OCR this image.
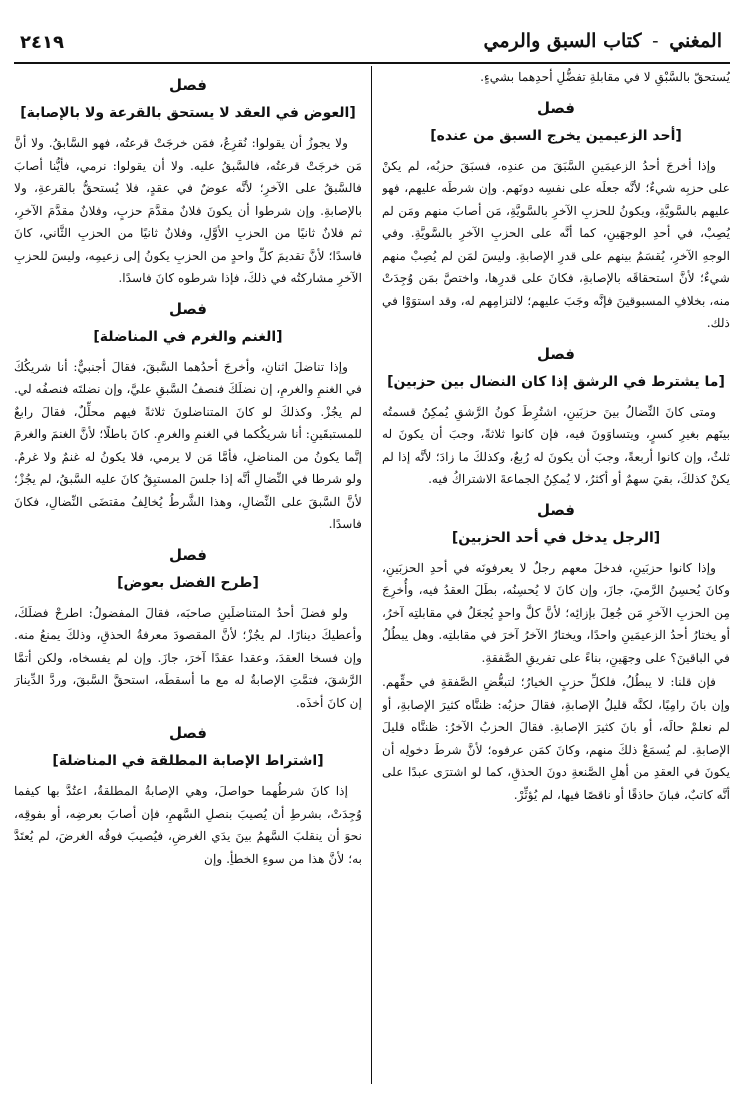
المغني - كتاب السبق والرمي
٢٤١٩
يُستحقّ بالسَّبْقِ لا في مقابلةِ تفضُّلِ أحدِهما بشيءٍ.
فصل
[أحد الزعيمين يخرج السبق من عنده]
وإذا أخرجَ أحدُ الزعيمَينِ السَّبَقَ من عندِه، فسبَقَ حزبُه، لم يكنْ على حزبِه شيءٌ؛ لأنَّه جعلَه على نفسِه دونَهم. وإن شرطَه عليهم، فهو عليهم بالسَّويَّةِ، ويكونُ للحزبِ الآخرِ بالسَّويَّةِ، مَن أصابَ منهم ومَن لم يُصِبْ، في أحدِ الوجهَينِ، كما أنَّه على الحزبِ الآخرِ بالسَّويَّةِ. وفي الوجهِ الآخرِ، يُقسَمُ بينهم على قدرِ الإصابةِ. وليسَ لمَن لم يُصِبْ منهم شيءٌ؛ لأنَّ استحقاقَه بالإصابةِ، فكانَ على قدرِها، واختصَّ بمَن وُجِدَتْ منه، بخلافِ المسبوقينَ فإنَّه وجَبَ عليهم؛ لالتزامِهم له، وقد استوَوْا في ذلك.
فصل
[ما يشترط في الرشق إذا كان النضال بين حزبين]
ومتى كانَ النِّضالُ بينَ حزبَينِ، اشتُرِطَ كونُ الرَّشقِ يُمكِنُ قسمتُه بينَهم بغيرِ كسرٍ، ويتساوَونَ فيه، فإن كانوا ثلاثةً، وجبَ أن يكونَ له ثلثٌ، وإن كانوا أربعةً، وجبَ أن يكونَ له رُبعٌ، وكذلكَ ما زادَ؛ لأنَّه إذا لم يكنْ كذلكَ، بقيَ سهمٌ أو أكثرُ، لا يُمكِنُ الجماعةَ الاشتراكُ فيه.
فصل
[الرجل يدخل في أحد الحزبين]
وإذا كانوا حزبَينِ، فدخلَ معهم رجلٌ لا يعرفونَه في أحدِ الحزبَينِ، وكانَ يُحسِنُ الرَّميَ، جازَ، وإن كانَ لا يُحسِنُه، بطَلَ العقدُ فيه، وأُخرِجَ مِن الحزبِ الآخرِ مَن جُعِلَ بإزائِه؛ لأنَّ كلَّ واحدٍ يُجعَلُ في مقابلتِه آخرُ، أو يختارُ أحدُ الزعيمَينِ واحدًا، ويختارُ الآخرُ آخرَ في مقابلتِه. وهل يبطُلُ في الباقينَ؟ على وجهَينِ، بناءً على تفريقِ الصَّفقةِ.
فإن قلنا: لا يبطُلُ، فلكلِّ حزبٍ الخيارُ؛ لتبعُّضِ الصَّفقةِ في حقِّهم. وإن بانَ رامِيًا، لكنَّه قليلُ الإصابةِ، فقالَ حزبُه: ظننَّاه كثيرَ الإصابةِ، أو لم نعلمْ حالَه، أو بانَ كثيرَ الإصابةِ. فقالَ الحزبُ الآخرُ: ظننَّاه قليلَ الإصابةِ. لم يُسمَعْ ذلكَ منهم، وكانَ كمَن عرفوه؛ لأنَّ شرطَ دخولِه أن يكونَ في العقدِ من أهلِ الصَّنعةِ دونَ الحذقِ، كما لو اشترَى عبدًا على أنَّه كاتبٌ، فبانَ حاذقًا أو ناقصًا فيها، لم يُؤثِّرْ.
فصل
[العوض في العقد لا يستحق بالقرعة ولا بالإصابة]
ولا يجوزُ أن يقولوا: نُقرِعُ، فمَن خرجَتْ قرعتُه، فهو السَّابقُ. ولا أنَّ مَن خرجَتْ قرعتُه، فالسَّبقُ عليه. ولا أن يقولوا: نرمي، فأيُّنا أصابَ فالسَّبقُ على الآخرِ؛ لأنَّه عوضٌ في عقدٍ، فلا يُستحقُّ بالقرعةِ، ولا بالإصابةِ. وإن شرطوا أن يكونَ فلانٌ مقدَّمَ حزبٍ، وفلانٌ مقدَّمَ الآخرِ، ثم فلانٌ ثانيًا من الحزبِ الأوَّلِ، وفلانٌ ثانيًا من الحزبِ الثَّاني، كانَ فاسدًا؛ لأنَّ تقديمَ كلِّ واحدٍ من الحزبِ يكونُ إلى زعيمِه، وليسَ للحزبِ الآخرِ مشاركتُه في ذلكَ، فإذا شرطوه كانَ فاسدًا.
فصل
[الغنم والغرم في المناضلة]
وإذا تناضلَ اثنانِ، وأخرجَ أحدُهما السَّبقَ، فقالَ أجنبيٌّ: أنا شريكُكَ في الغنمِ والغرمِ، إن نضلَكَ فنصفُ السَّبقِ عليَّ، وإن نضلتَه فنصفُه لي. لم يجُزْ. وكذلكَ لو كانَ المتناضلونَ ثلاثةً فيهم محلِّلٌ، فقالَ رابعٌ للمستبقَينِ: أنا شريكُكما في الغنمِ والغرمِ. كانَ باطلًا؛ لأنَّ الغنمَ والغرمَ إنَّما يكونُ من المناضلِ، فأمَّا مَن لا يرمي، فلا يكونُ له غنمٌ ولا غرمٌ. ولو شرطا في النِّضالِ أنَّه إذا جلسَ المستبِقُ كانَ عليه السَّبقُ، لم يجُزْ؛ لأنَّ السَّبقَ على النِّضالِ، وهذا الشَّرطُ يُخالِفُ مقتضَى النِّضالِ، فكانَ فاسدًا.
فصل
[طرح الفضل بعوض]
ولو فضلَ أحدُ المتناضلَينِ صاحبَه، فقالَ المفضولُ: اطرحْ فضلَكَ، وأعطيكَ دينارًا. لم يجُزْ؛ لأنَّ المقصودَ معرفةُ الحذقِ، وذلكَ يمنعُ منه. وإن فسخا العقدَ، وعقدا عقدًا آخرَ، جازَ. وإن لم يفسخاه، ولكن أتمَّا الرَّشقَ، فتمَّتِ الإصابةُ له مع ما أسقطَه، استحقَّ السَّبقَ، وردَّ الدِّينارَ إن كانَ أخذَه.
فصل
[اشتراط الإصابة المطلقة في المناضلة]
إذا كانَ شرطُهما حواصلَ، وهي الإصابةُ المطلقةُ، اعتُدَّ بها كيفما وُجِدَتْ، بشرطِ أن يُصيبَ بنصلِ السَّهمِ، فإن أصابَ بعرضِه، أو بفوقِه، نحوَ أن ينقلبَ السَّهمُ بينَ يدَي الغرضِ، فيُصيبَ فوقُه الغرضَ، لم يُعتَدَّ به؛ لأنَّ هذا من سوءِ الخطأِ. وإن
